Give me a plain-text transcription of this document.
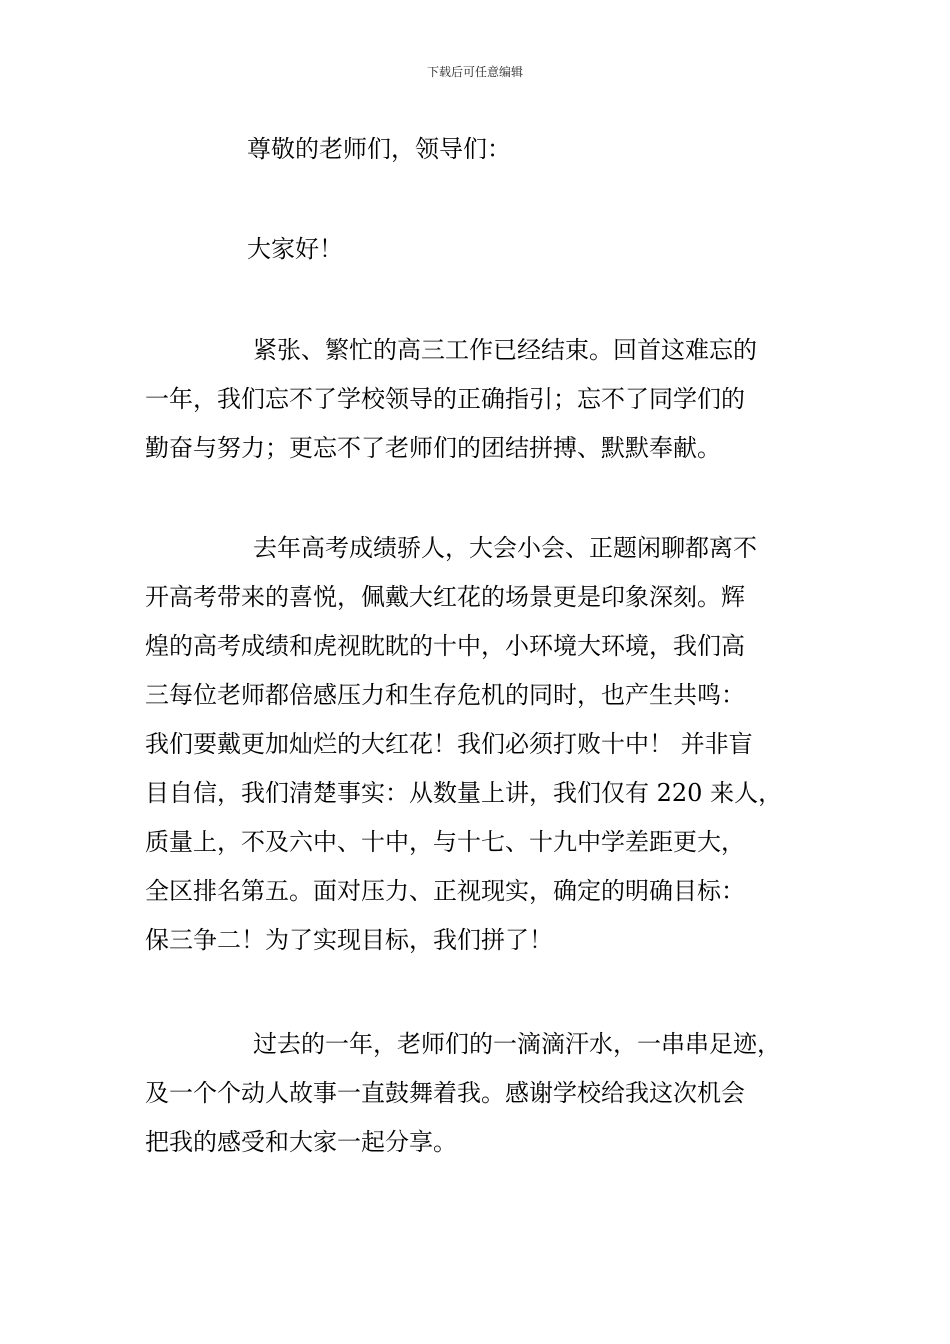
下载后可任意编辑

尊敬的老师们，领导们：

大家好！

紧张、繁忙的高三工作已经结束。回首这难忘的
一年，我们忘不了学校领导的正确指引；忘不了同学们的
勤奋与努力；更忘不了老师们的团结拼搏、默默奉献。

去年高考成绩骄人，大会小会、正题闲聊都离不
开高考带来的喜悦，佩戴大红花的场景更是印象深刻。辉
煌的高考成绩和虎视眈眈的十中，小环境大环境，我们高
三每位老师都倍感压力和生存危机的同时，也产生共鸣：
我们要戴更加灿烂的大红花！我们必须打败十中！ 并非盲
目自信，我们清楚事实：从数量上讲，我们仅有 220 来人，
质量上，不及六中、十中，与十七、十九中学差距更大，
全区排名第五。面对压力、正视现实，确定的明确目标：
保三争二！为了实现目标，我们拼了！

过去的一年，老师们的一滴滴汗水，一串串足迹，
及一个个动人故事一直鼓舞着我。感谢学校给我这次机会
把我的感受和大家一起分享。
